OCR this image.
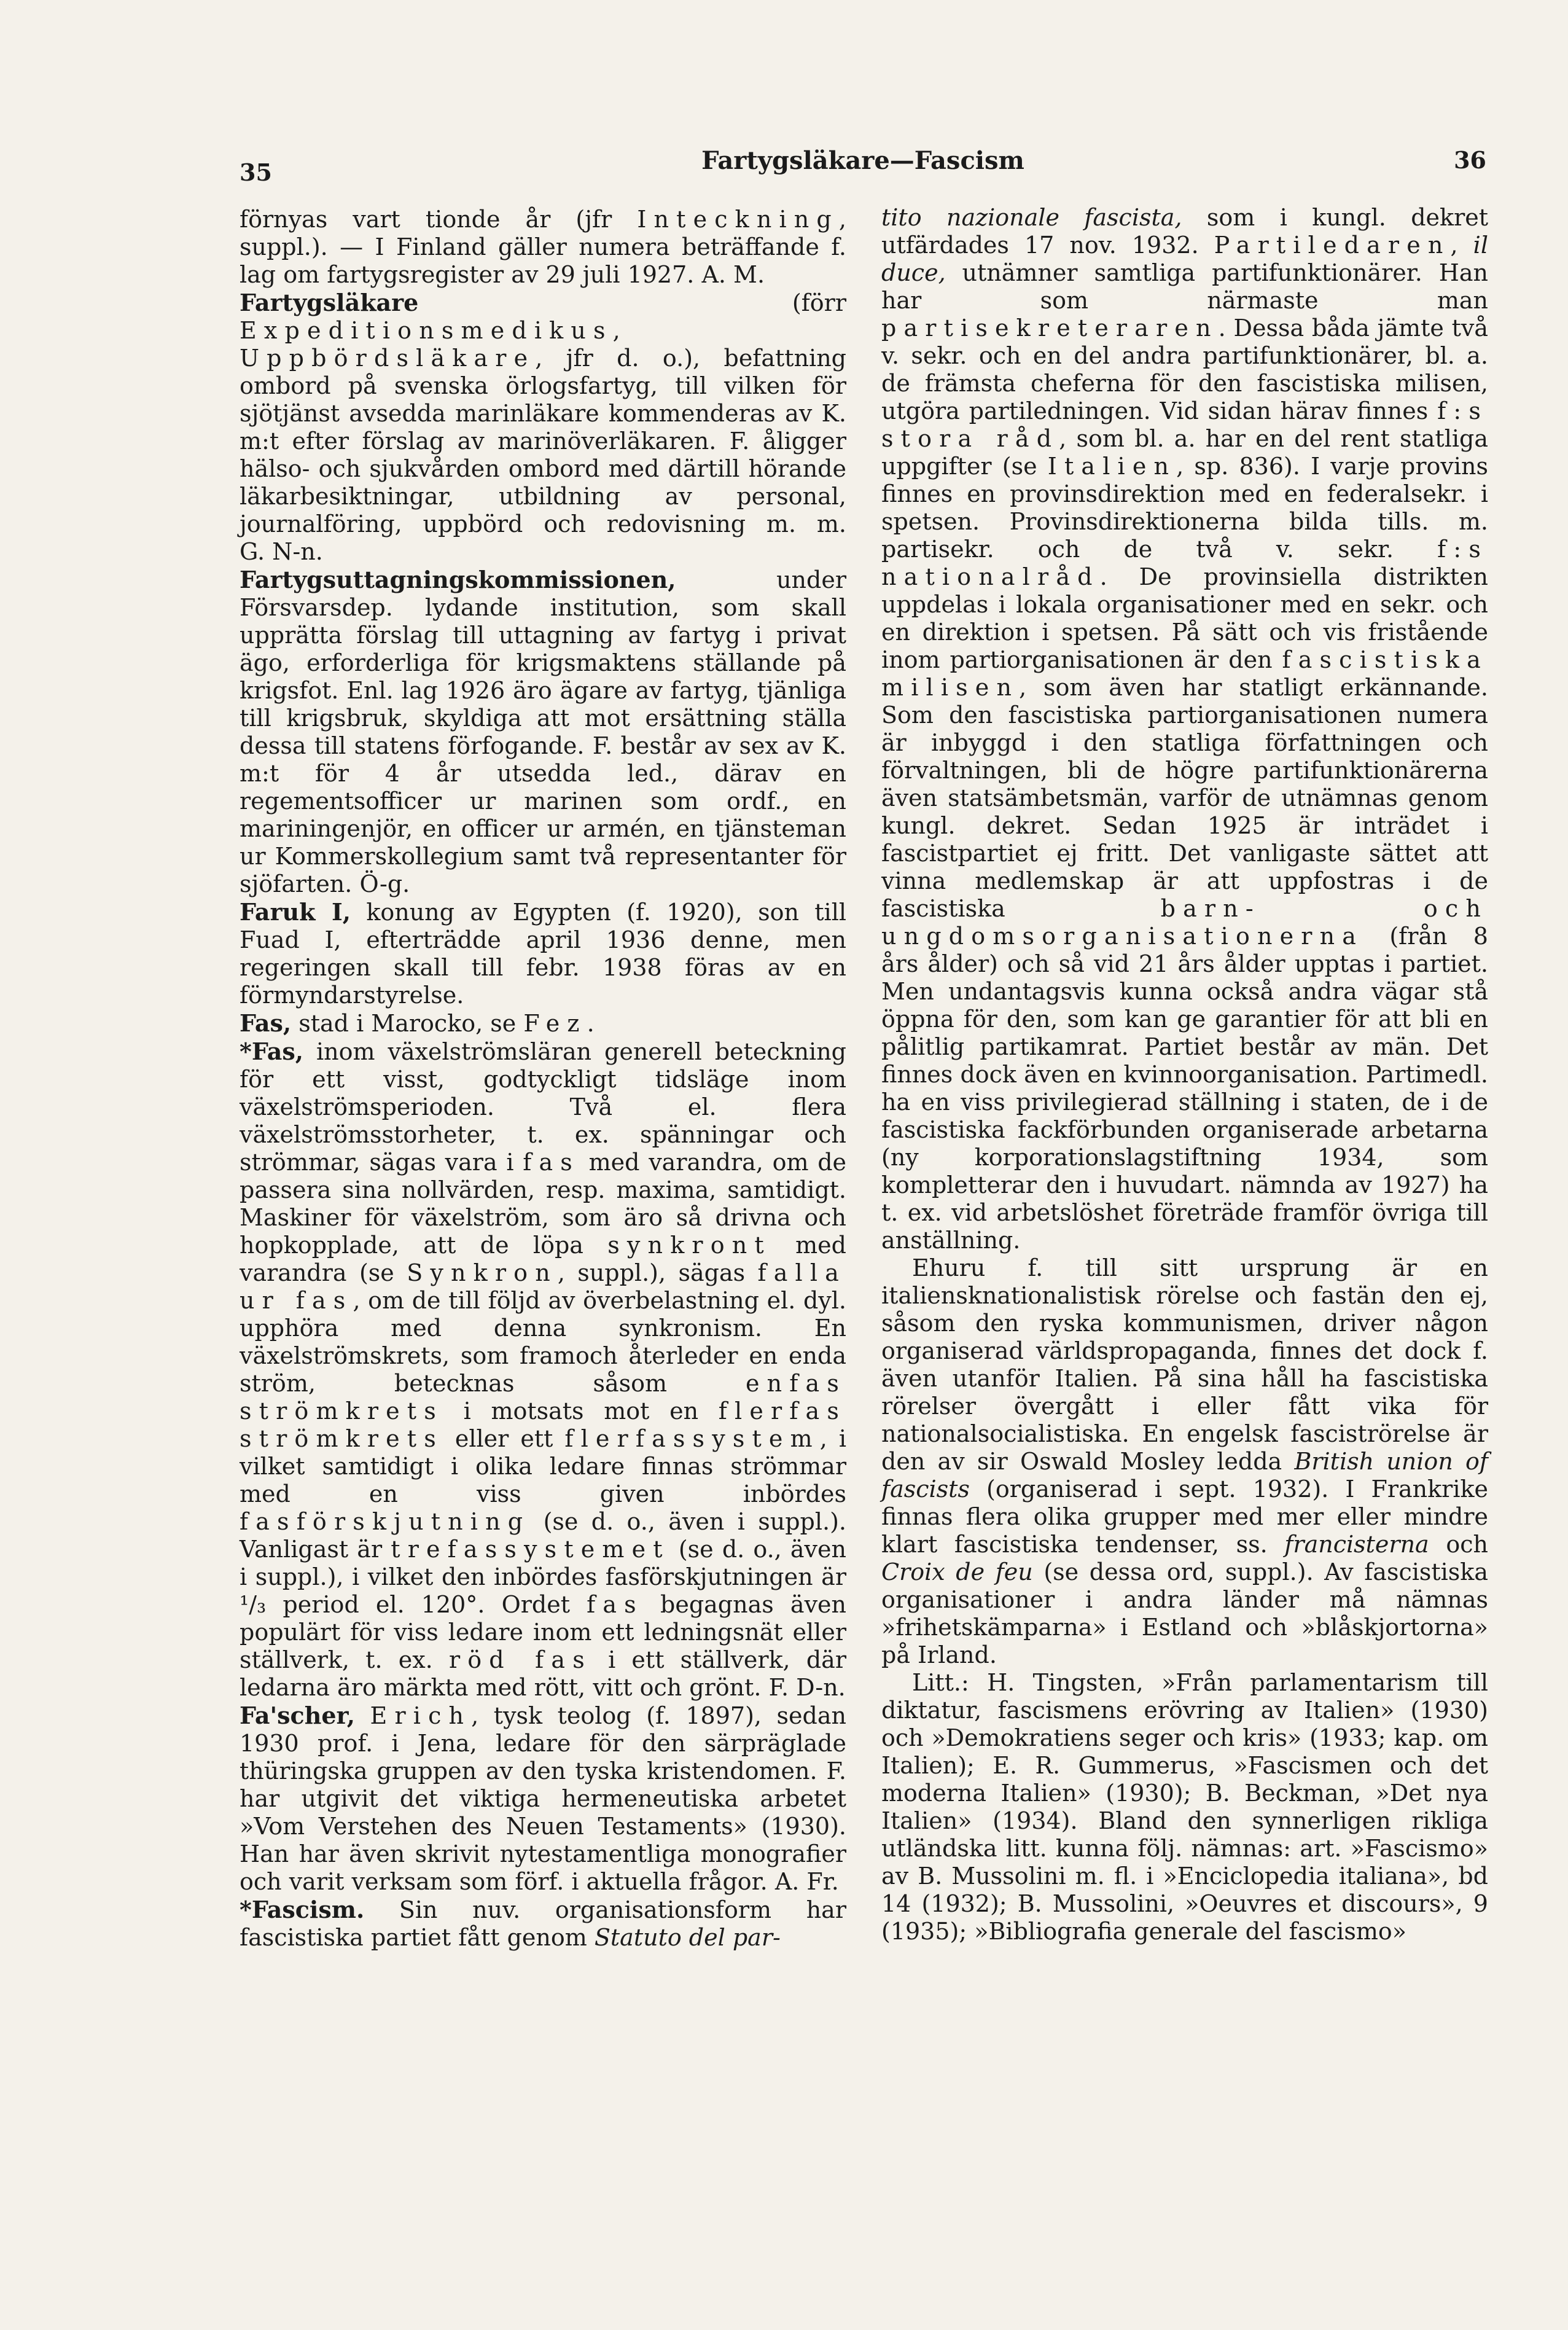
35	Fartygsläkare—Fascism	36

förnyas vart tionde år (jfr Inteckning, suppl.). — I Finland gäller numera beträffande f. lag om fartygsregister av 29 juli 1927. A. M.

Fartygsläkare (förr Expeditionsmedikus, Uppbördsläkare, jfr d. o.), befattning ombord på svenska örlogsfartyg, till vilken för sjötjänst avsedda marinläkare kommenderas av K. m:t efter förslag av marinöverläkaren. F. åligger hälso- och sjukvården ombord med därtill hörande läkarbesiktningar, utbildning av personal, journalföring, uppbörd och redovisning m. m. G. N-n.

Fartygsuttagningskommissionen, under Försvarsdep. lydande institution, som skall upprätta förslag till uttagning av fartyg i privat ägo, erforderliga för krigsmaktens ställande på krigsfot. Enl. lag 1926 äro ägare av fartyg, tjänliga till krigsbruk, skyldiga att mot ersättning ställa dessa till statens förfogande. F. består av sex av K. m:t för 4 år utsedda led., därav en regementsofficer ur marinen som ordf., en mariningenjör, en officer ur armén, en tjänsteman ur Kommerskollegium samt två representanter för sjöfarten. Ö-g.

Faruk I, konung av Egypten (f. 1920), son till Fuad I, efterträdde april 1936 denne, men regeringen skall till febr. 1938 föras av en förmyndarstyrelse.

Fas, stad i Marocko, se Fez.

*Fas, inom växelströmsläran generell beteckning för ett visst, godtyckligt tidsläge inom växelströmsperioden. Två el. flera växelströmsstorheter, t. ex. spänningar och strömmar, sägas vara i fas med varandra, om de passera sina nollvärden, resp. maxima, samtidigt. Maskiner för växelström, som äro så drivna och hopkopplade, att de löpa synkront med varandra (se Synkron, suppl.), sägas falla ur fas, om de till följd av överbelastning el. dyl. upphöra med denna synkronism. En växelströmskrets, som framoch återleder en enda ström, betecknas såsom enfas strömkrets i motsats mot en flerfas strömkrets eller ett flerfassystem, i vilket samtidigt i olika ledare finnas strömmar med en viss given inbördes fasförskjutning (se d. o., även i suppl.). Vanligast är trefassystemet (se d. o., även i suppl.), i vilket den inbördes fasförskjutningen är ¹/₃ period el. 120°. Ordet fas begagnas även populärt för viss ledare inom ett ledningsnät eller ställverk, t. ex. röd fas i ett ställverk, där ledarna äro märkta med rött, vitt och grönt. F. D-n.

Fa'scher, Erich, tysk teolog (f. 1897), sedan 1930 prof. i Jena, ledare för den särpräglade thüringska gruppen av den tyska kristendomen. F. har utgivit det viktiga hermeneutiska arbetet »Vom Verstehen des Neuen Testaments» (1930). Han har även skrivit nytestamentliga monografier och varit verksam som förf. i aktuella frågor. A. Fr.

*Fascism. Sin nuv. organisationsform har fascistiska partiet fått genom Statuto del par-

tito nazionale fascista, som i kungl. dekret utfärdades 17 nov. 1932. Partiledaren, il duce, utnämner samtliga partifunktionärer. Han har som närmaste man partisekreteraren. Dessa båda jämte två v. sekr. och en del andra partifunktionärer, bl. a. de främsta cheferna för den fascistiska milisen, utgöra partiledningen. Vid sidan härav finnes f:s stora råd, som bl. a. har en del rent statliga uppgifter (se Italien, sp. 836). I varje provins finnes en provinsdirektion med en federalsekr. i spetsen. Provinsdirektionerna bilda tills. m. partisekr. och de två v. sekr. f:s nationalråd. De provinsiella distrikten uppdelas i lokala organisationer med en sekr. och en direktion i spetsen. På sätt och vis fristående inom partiorganisationen är den fascistiska milisen, som även har statligt erkännande. Som den fascistiska partiorganisationen numera är inbyggd i den statliga författningen och förvaltningen, bli de högre partifunktionärerna även statsämbetsmän, varför de utnämnas genom kungl. dekret. Sedan 1925 är inträdet i fascistpartiet ej fritt. Det vanligaste sättet att vinna medlemskap är att uppfostras i de fascistiska barn- och ungdomsorganisationerna (från 8 års ålder) och så vid 21 års ålder upptas i partiet. Men undantagsvis kunna också andra vägar stå öppna för den, som kan ge garantier för att bli en pålitlig partikamrat. Partiet består av män. Det finnes dock även en kvinnoorganisation. Partimedl. ha en viss privilegierad ställning i staten, de i de fascistiska fackförbunden organiserade arbetarna (ny korporationslagstiftning 1934, som kompletterar den i huvudart. nämnda av 1927) ha t. ex. vid arbetslöshet företräde framför övriga till anställning.

Ehuru f. till sitt ursprung är en italiensknationalistisk rörelse och fastän den ej, såsom den ryska kommunismen, driver någon organiserad världspropaganda, finnes det dock f. även utanför Italien. På sina håll ha fascistiska rörelser övergått i eller fått vika för nationalsocialistiska. En engelsk fasciströrelse är den av sir Oswald Mosley ledda British union of fascists (organiserad i sept. 1932). I Frankrike finnas flera olika grupper med mer eller mindre klart fascistiska tendenser, ss. francisterna och Croix de feu (se dessa ord, suppl.). Av fascistiska organisationer i andra länder må nämnas »frihetskämparna» i Estland och »blåskjortorna» på Irland.

Litt.: H. Tingsten, »Från parlamentarism till diktatur, fascismens erövring av Italien» (1930) och »Demokratiens seger och kris» (1933; kap. om Italien); E. R. Gummerus, »Fascismen och det moderna Italien» (1930); B. Beckman, »Det nya Italien» (1934). Bland den synnerligen rikliga utländska litt. kunna följ. nämnas: art. »Fascismo» av B. Mussolini m. fl. i »Enciclopedia italiana», bd 14 (1932); B. Mussolini, »Oeuvres et discours», 9 (1935); »Bibliografia generale del fascismo»
